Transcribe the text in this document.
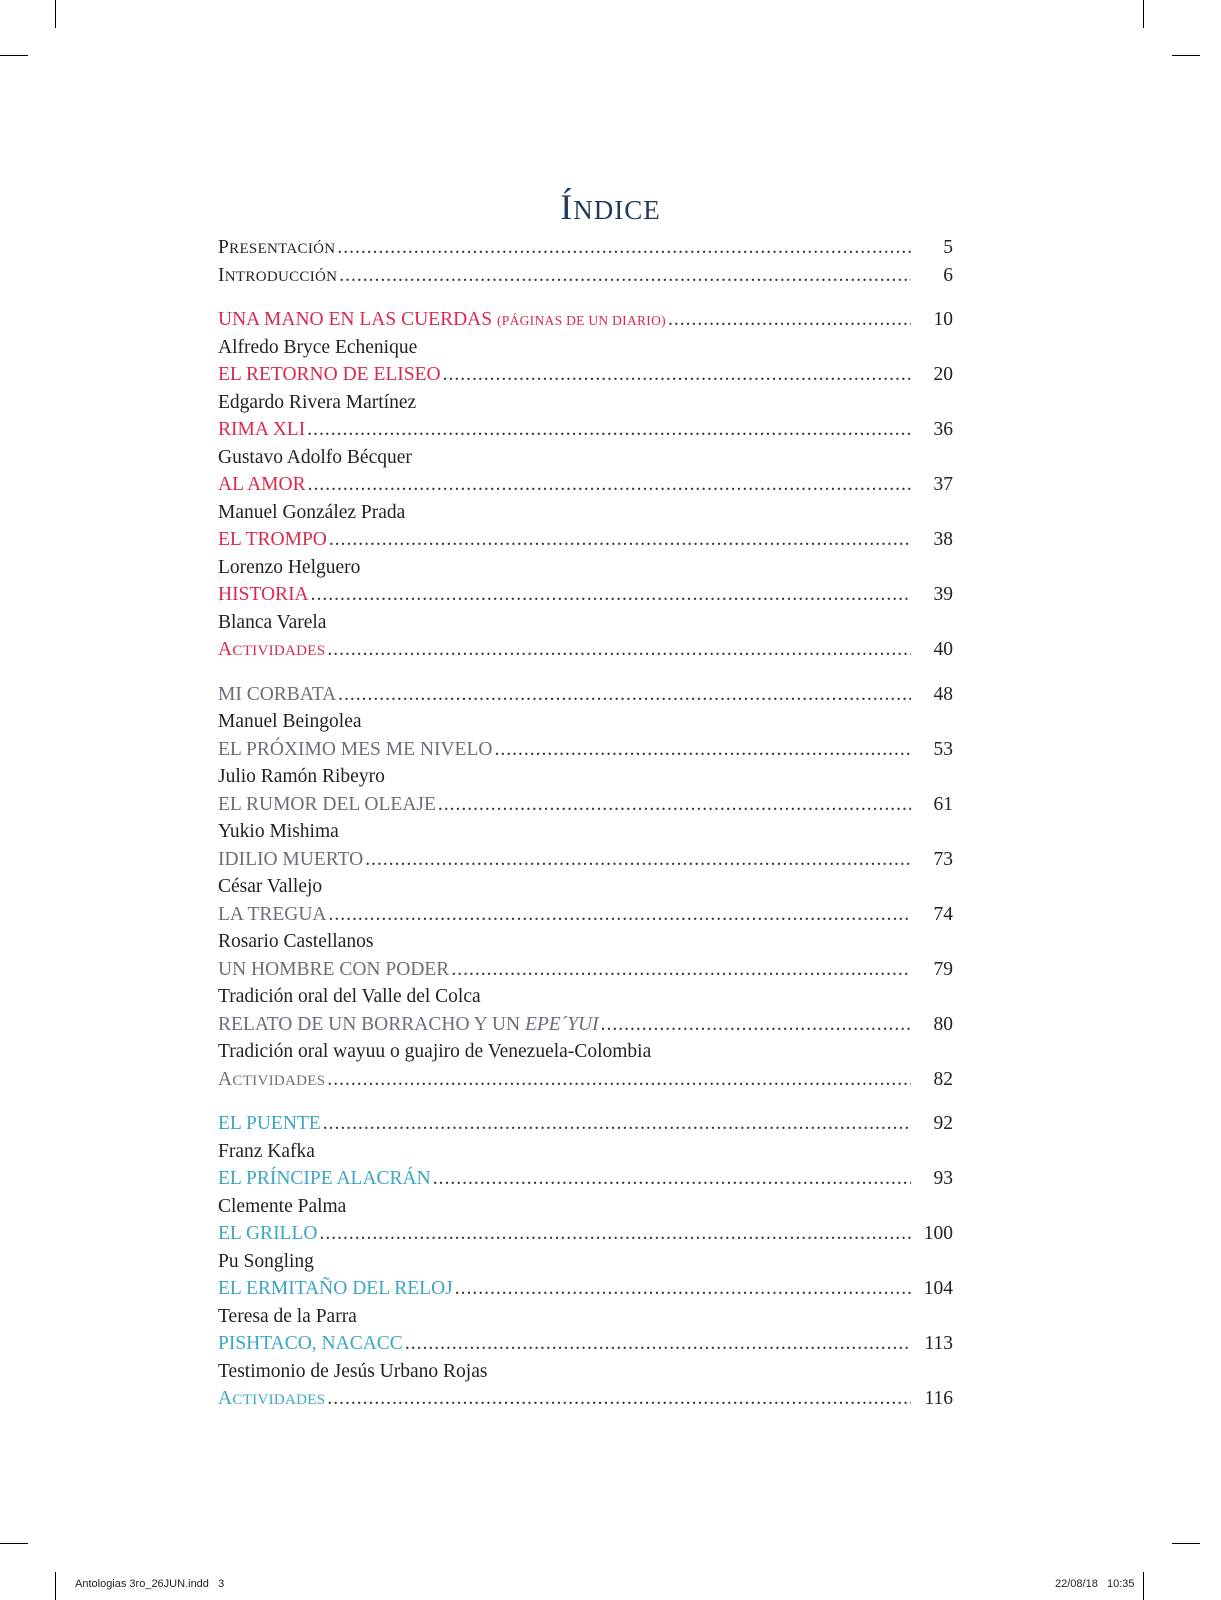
ÍNDICE
PRESENTACIÓN .....	5
INTRODUCCIÓN .....	6
UNA MANO EN LAS CUERDAS (PÁGINAS DE UN DIARIO) .....	10
Alfredo Bryce Echenique
EL RETORNO DE ELISEO .....	20
Edgardo Rivera Martínez
RIMA XLI .....	36
Gustavo Adolfo Bécquer
AL AMOR .....	37
Manuel González Prada
EL TROMPO .....	38
Lorenzo Helguero
HISTORIA .....	39
Blanca Varela
ACTIVIDADES .....	40
MI CORBATA .....	48
Manuel Beingolea
EL PRÓXIMO MES ME NIVELO .....	53
Julio Ramón Ribeyro
EL RUMOR DEL OLEAJE .....	61
Yukio Mishima
IDILIO MUERTO .....	73
César Vallejo
LA TREGUA .....	74
Rosario Castellanos
UN HOMBRE CON PODER .....	79
Tradición oral del Valle del Colca
RELATO DE UN BORRACHO Y UN EPE´YUI .....	80
Tradición oral wayuu o guajiro de Venezuela-Colombia
ACTIVIDADES .....	82
EL PUENTE .....	92
Franz Kafka
EL PRÍNCIPE ALACRÁN .....	93
Clemente Palma
EL GRILLO .....	100
Pu Songling
EL ERMITAÑO DEL RELOJ .....	104
Teresa de la Parra
PISHTACO, NACACC .....	113
Testimonio de Jesús Urbano Rojas
ACTIVIDADES .....	116
Antologias 3ro_26JUN.indd   3	22/08/18   10:35
